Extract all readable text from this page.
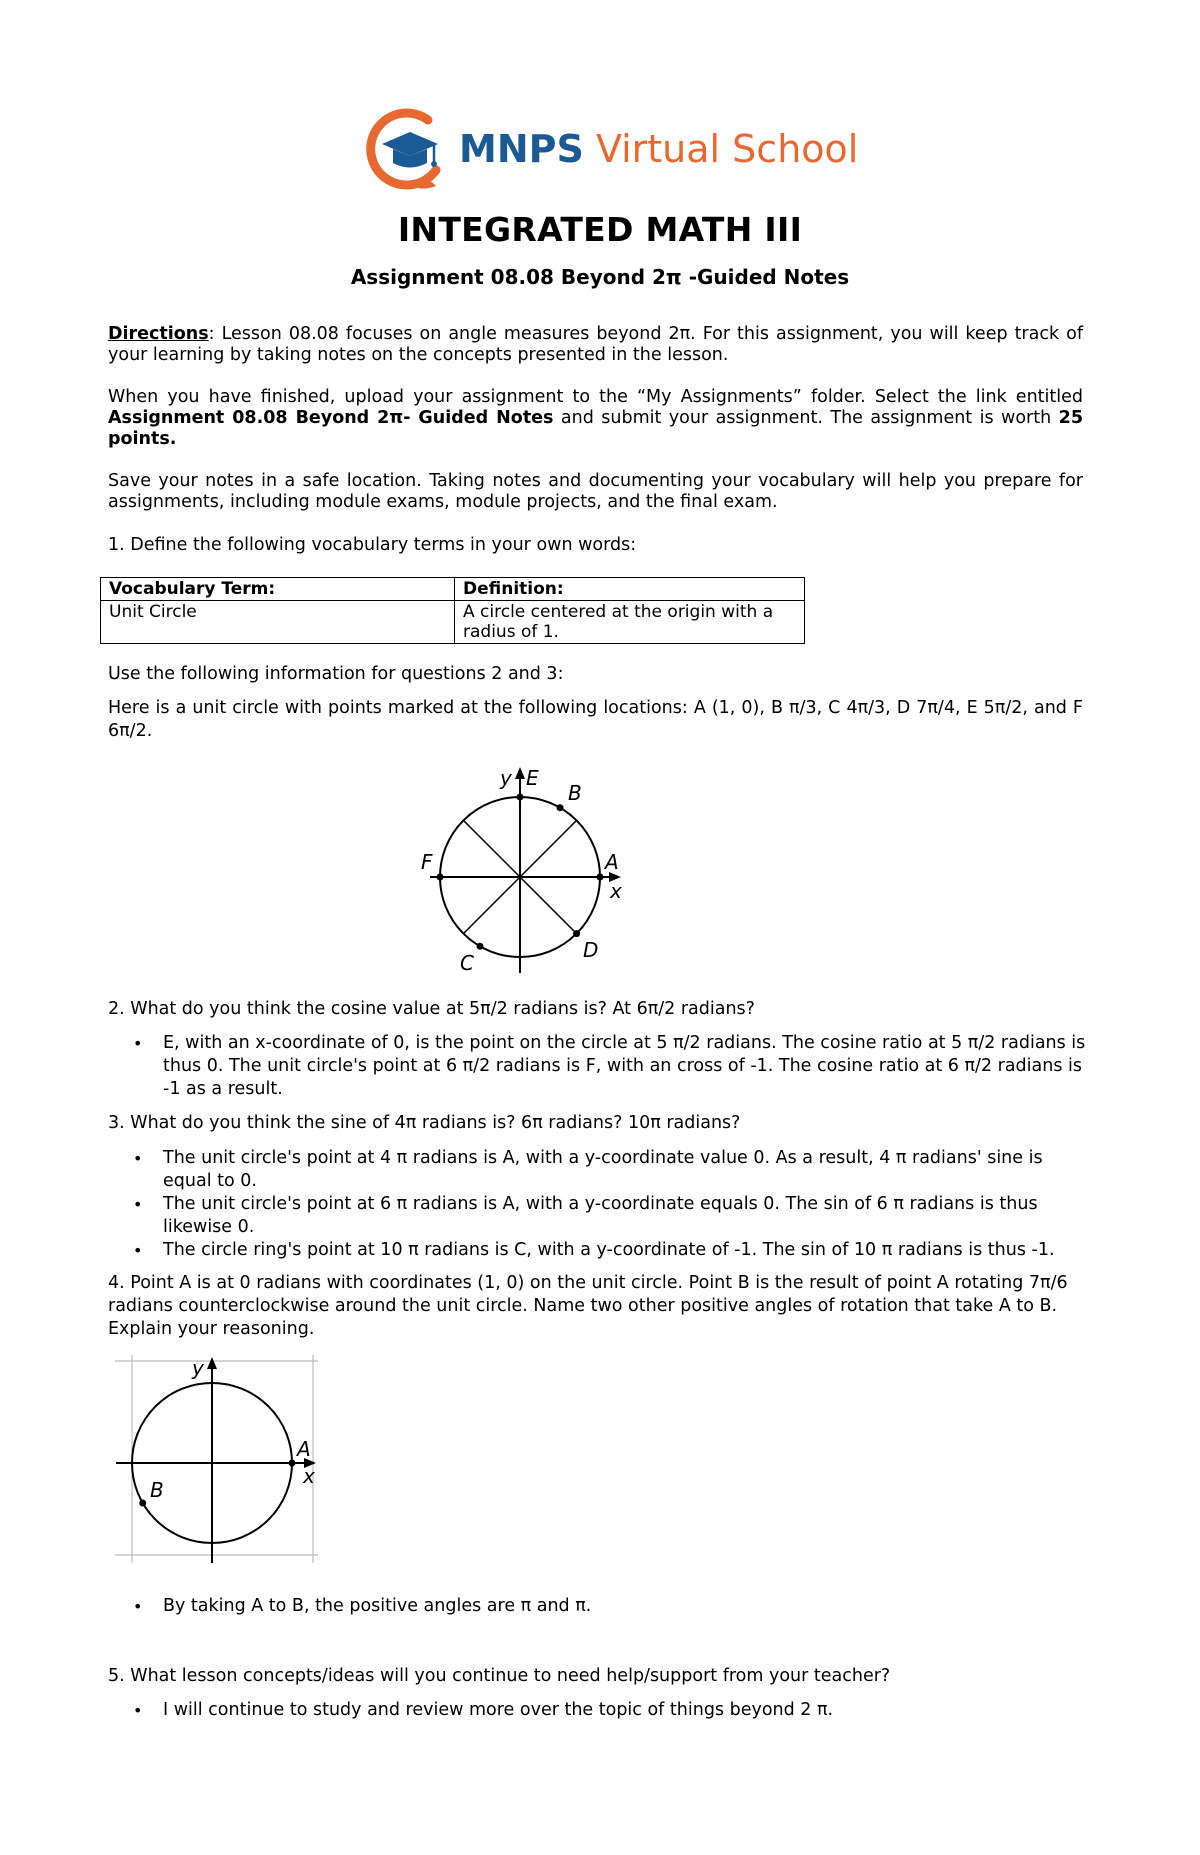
MNPS Virtual School
INTEGRATED MATH III
Assignment 08.08 Beyond 2π -Guided Notes
Directions: Lesson 08.08 focuses on angle measures beyond 2π. For this assignment, you will keep track of your learning by taking notes on the concepts presented in the lesson.
When you have finished, upload your assignment to the “My Assignments” folder. Select the link entitled Assignment 08.08 Beyond 2π- Guided Notes and submit your assignment. The assignment is worth 25 points.
Save your notes in a safe location. Taking notes and documenting your vocabulary will help you prepare for assignments, including module exams, module projects, and the final exam.
1. Define the following vocabulary terms in your own words:
Vocabulary Term:	Definition:
Unit Circle	A circle centered at the origin with a radius of 1.
Use the following information for questions 2 and 3:
Here is a unit circle with points marked at the following locations: A (1, 0), B π/3, C 4π/3, D 7π/4, E 5π/2, and F 6π/2.
y E
B
A
x
F
C
D
2. What do you think the cosine value at 5π/2 radians is? At 6π/2 radians?
• E, with an x-coordinate of 0, is the point on the circle at 5 π/2 radians. The cosine ratio at 5 π/2 radians is thus 0. The unit circle's point at 6 π/2 radians is F, with an cross of -1. The cosine ratio at 6 π/2 radians is -1 as a result.
3. What do you think the sine of 4π radians is? 6π radians? 10π radians?
• The unit circle's point at 4 π radians is A, with a y-coordinate value 0. As a result, 4 π radians' sine is equal to 0.
• The unit circle's point at 6 π radians is A, with a y-coordinate equals 0. The sin of 6 π radians is thus likewise 0.
• The circle ring's point at 10 π radians is C, with a y-coordinate of -1. The sin of 10 π radians is thus -1.
4. Point A is at 0 radians with coordinates (1, 0) on the unit circle. Point B is the result of point A rotating 7π/6 radians counterclockwise around the unit circle. Name two other positive angles of rotation that take A to B. Explain your reasoning.
y
A
x
B
• By taking A to B, the positive angles are π and π.
5. What lesson concepts/ideas will you continue to need help/support from your teacher?
• I will continue to study and review more over the topic of things beyond 2 π.
